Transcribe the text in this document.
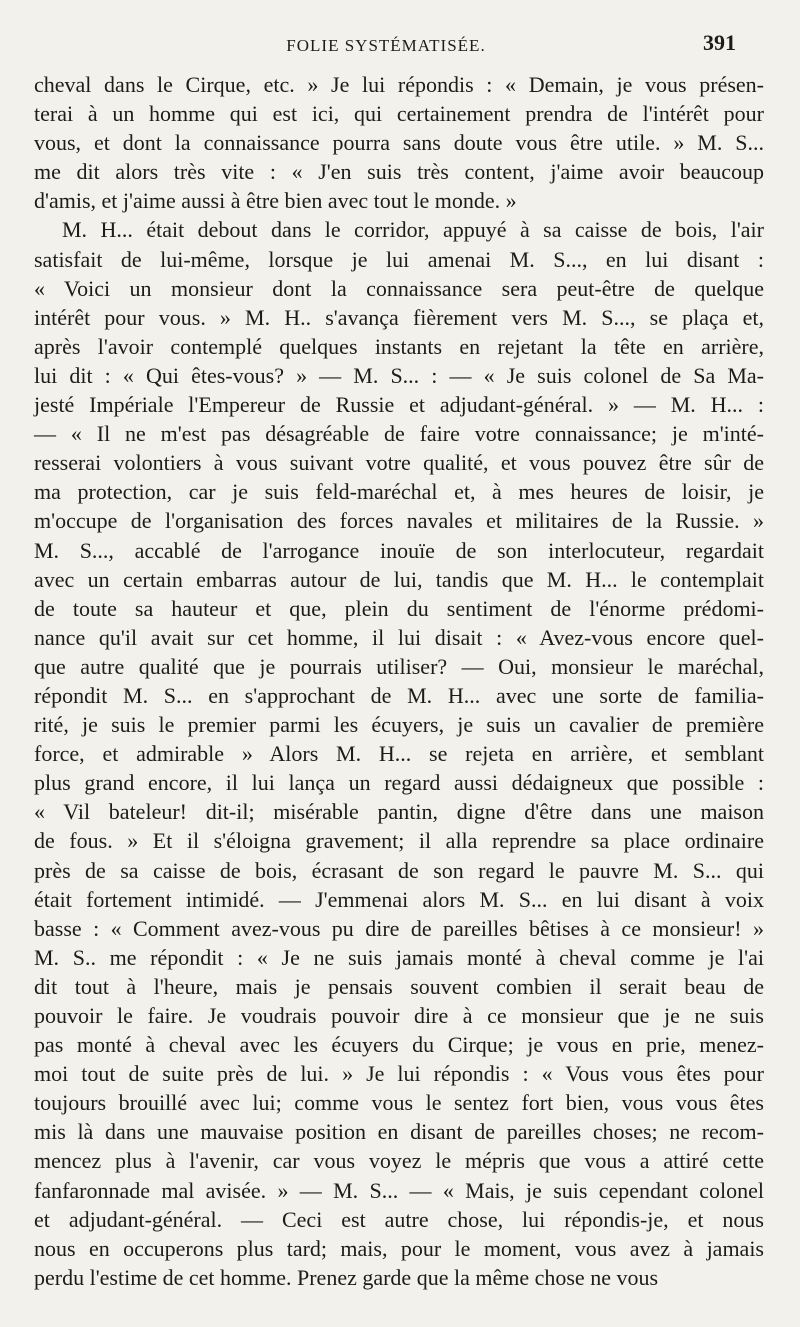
FOLIE SYSTÉMATISÉE.	391
cheval dans le Cirque, etc. » Je lui répondis : « Demain, je vous présen-
terai à un homme qui est ici, qui certainement prendra de l'intérêt pour
vous, et dont la connaissance pourra sans doute vous être utile. » M. S...
me dit alors très vite : « J'en suis très content, j'aime avoir beaucoup
d'amis, et j'aime aussi à être bien avec tout le monde. »
M. H... était debout dans le corridor, appuyé à sa caisse de bois, l'air
satisfait de lui-même, lorsque je lui amenai M. S..., en lui disant :
« Voici un monsieur dont la connaissance sera peut-être de quelque
intérêt pour vous. » M. H.. s'avança fièrement vers M. S..., se plaça et,
après l'avoir contemplé quelques instants en rejetant la tête en arrière,
lui dit : « Qui êtes-vous? » — M. S... : — « Je suis colonel de Sa Ma-
jesté Impériale l'Empereur de Russie et adjudant-général. » — M. H... :
— « Il ne m'est pas désagréable de faire votre connaissance; je m'inté-
resserai volontiers à vous suivant votre qualité, et vous pouvez être sûr de
ma protection, car je suis feld-maréchal et, à mes heures de loisir, je
m'occupe de l'organisation des forces navales et militaires de la Russie. »
M. S..., accablé de l'arrogance inouïe de son interlocuteur, regardait
avec un certain embarras autour de lui, tandis que M. H... le contemplait
de toute sa hauteur et que, plein du sentiment de l'énorme prédomi-
nance qu'il avait sur cet homme, il lui disait : « Avez-vous encore quel-
que autre qualité que je pourrais utiliser? — Oui, monsieur le maréchal,
répondit M. S... en s'approchant de M. H... avec une sorte de familia-
rité, je suis le premier parmi les écuyers, je suis un cavalier de première
force, et admirable » Alors M. H... se rejeta en arrière, et semblant
plus grand encore, il lui lança un regard aussi dédaigneux que possible :
« Vil bateleur! dit-il; misérable pantin, digne d'être dans une maison
de fous. » Et il s'éloigna gravement; il alla reprendre sa place ordinaire
près de sa caisse de bois, écrasant de son regard le pauvre M. S... qui
était fortement intimidé. — J'emmenai alors M. S... en lui disant à voix
basse : « Comment avez-vous pu dire de pareilles bêtises à ce monsieur! »
M. S.. me répondit : « Je ne suis jamais monté à cheval comme je l'ai
dit tout à l'heure, mais je pensais souvent combien il serait beau de
pouvoir le faire. Je voudrais pouvoir dire à ce monsieur que je ne suis
pas monté à cheval avec les écuyers du Cirque; je vous en prie, menez-
moi tout de suite près de lui. » Je lui répondis : « Vous vous êtes pour
toujours brouillé avec lui; comme vous le sentez fort bien, vous vous êtes
mis là dans une mauvaise position en disant de pareilles choses; ne recom-
mencez plus à l'avenir, car vous voyez le mépris que vous a attiré cette
fanfaronnade mal avisée. » — M. S... — « Mais, je suis cependant colonel
et adjudant-général. — Ceci est autre chose, lui répondis-je, et nous
nous en occuperons plus tard; mais, pour le moment, vous avez à jamais
perdu l'estime de cet homme. Prenez garde que la même chose ne vous
